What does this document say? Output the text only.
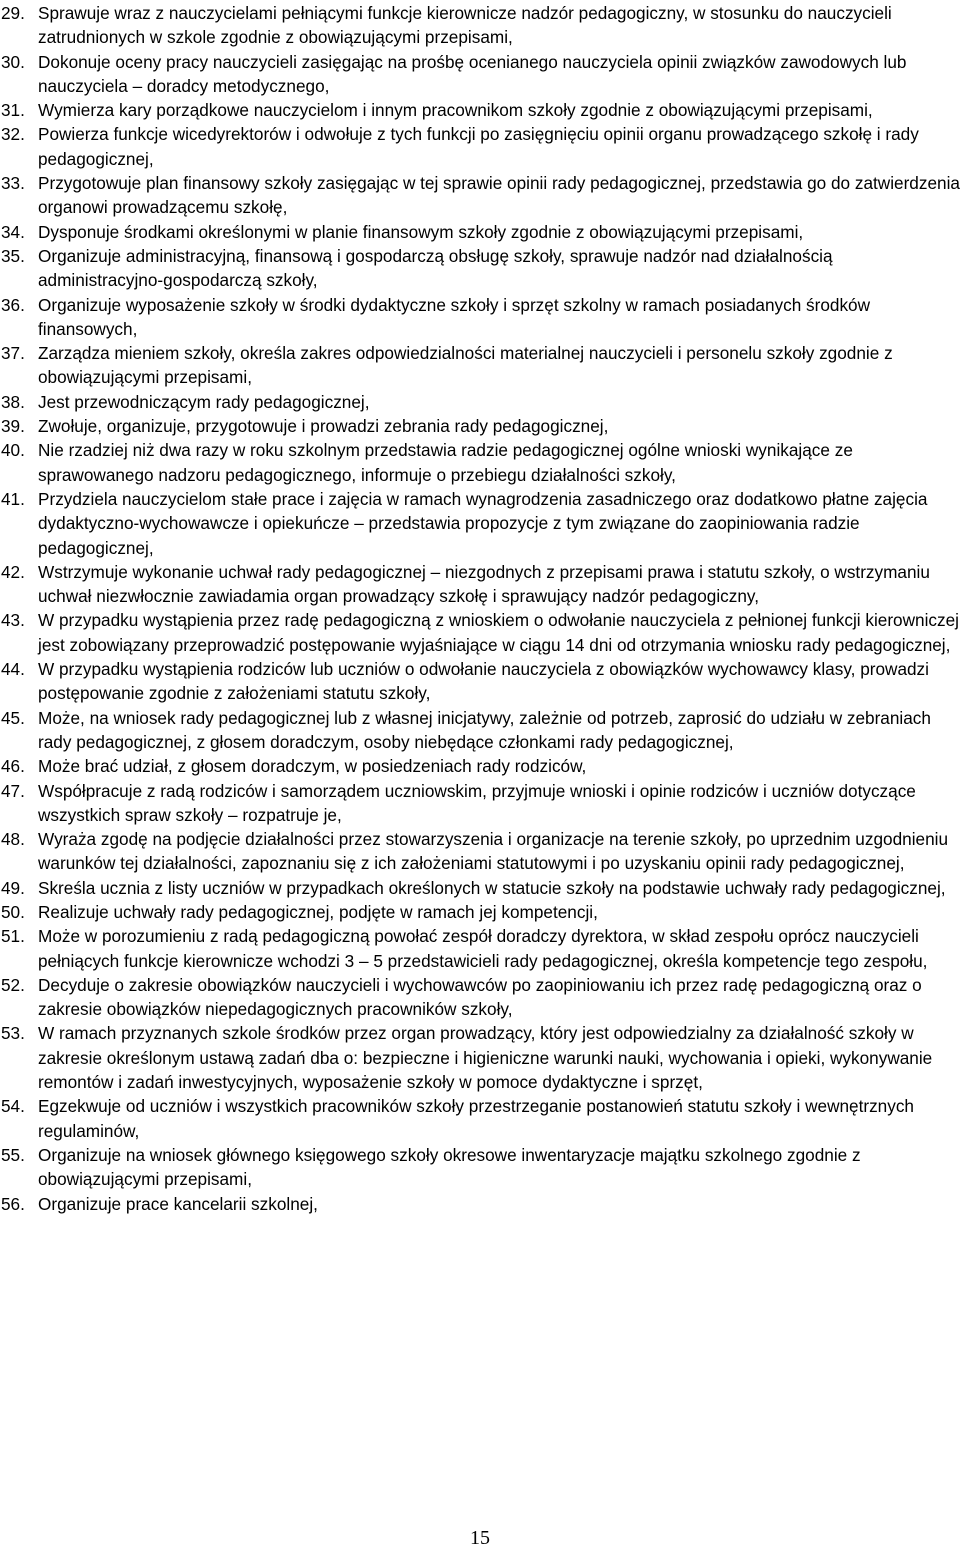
29. Sprawuje wraz z nauczycielami pełniącymi funkcje kierownicze nadzór pedagogiczny, w stosunku do nauczycieli zatrudnionych w szkole zgodnie z obowiązującymi przepisami,
30. Dokonuje oceny pracy nauczycieli zasięgając na prośbę ocenianego nauczyciela opinii związków zawodowych lub nauczyciela – doradcy metodycznego,
31. Wymierza kary porządkowe nauczycielom i innym pracownikom szkoły zgodnie z obowiązującymi przepisami,
32. Powierza funkcje wicedyrektorów i odwołuje z tych funkcji po zasięgnięciu opinii organu prowadzącego szkołę i rady pedagogicznej,
33. Przygotowuje plan finansowy szkoły zasięgając w tej sprawie opinii rady pedagogicznej, przedstawia go do zatwierdzenia organowi prowadzącemu szkołę,
34. Dysponuje środkami określonymi w planie finansowym szkoły zgodnie z obowiązującymi przepisami,
35. Organizuje administracyjną, finansową i gospodarczą obsługę szkoły, sprawuje nadzór nad działalnością administracyjno-gospodarczą szkoły,
36. Organizuje wyposażenie szkoły w środki dydaktyczne szkoły i sprzęt szkolny w ramach posiadanych środków finansowych,
37. Zarządza mieniem szkoły, określa zakres odpowiedzialności materialnej nauczycieli i personelu szkoły zgodnie z obowiązującymi przepisami,
38. Jest przewodniczącym rady pedagogicznej,
39. Zwołuje, organizuje, przygotowuje i prowadzi zebrania rady pedagogicznej,
40. Nie rzadziej niż dwa razy w roku szkolnym przedstawia radzie pedagogicznej ogólne wnioski wynikające ze sprawowanego nadzoru pedagogicznego, informuje o przebiegu działalności szkoły,
41. Przydziela nauczycielom stałe prace i zajęcia w ramach wynagrodzenia zasadniczego oraz dodatkowo płatne zajęcia dydaktyczno-wychowawcze i opiekuńcze – przedstawia propozycje z tym związane do zaopiniowania radzie pedagogicznej,
42. Wstrzymuje wykonanie uchwał rady pedagogicznej – niezgodnych z przepisami prawa i statutu szkoły, o wstrzymaniu uchwał niezwłocznie zawiadamia organ prowadzący szkołę i sprawujący nadzór pedagogiczny,
43. W przypadku wystąpienia przez radę pedagogiczną z wnioskiem o odwołanie nauczyciela z pełnionej funkcji kierowniczej jest zobowiązany przeprowadzić postępowanie wyjaśniające w ciągu 14 dni od otrzymania wniosku rady pedagogicznej,
44. W przypadku wystąpienia rodziców lub uczniów o odwołanie nauczyciela z obowiązków wychowawcy klasy, prowadzi postępowanie zgodnie z założeniami statutu szkoły,
45. Może, na wniosek rady pedagogicznej lub z własnej inicjatywy, zależnie od potrzeb, zaprosić do udziału w zebraniach rady pedagogicznej, z głosem doradczym, osoby niebędące członkami rady pedagogicznej,
46. Może brać udział, z głosem doradczym, w posiedzeniach rady rodziców,
47. Współpracuje z radą rodziców i samorządem uczniowskim, przyjmuje wnioski i opinie rodziców i uczniów dotyczące wszystkich spraw szkoły – rozpatruje je,
48. Wyraża zgodę na podjęcie działalności przez stowarzyszenia i organizacje na terenie szkoły, po uprzednim uzgodnieniu warunków tej działalności, zapoznaniu się z ich założeniami statutowymi i po uzyskaniu opinii rady pedagogicznej,
49. Skreśla ucznia z listy uczniów w przypadkach określonych w statucie szkoły na podstawie uchwały rady pedagogicznej,
50. Realizuje uchwały rady pedagogicznej, podjęte w ramach jej kompetencji,
51. Może w porozumieniu z radą pedagogiczną powołać zespół doradczy dyrektora, w skład zespołu oprócz nauczycieli pełniących funkcje kierownicze wchodzi 3 – 5 przedstawicieli rady pedagogicznej, określa kompetencje tego zespołu,
52. Decyduje o zakresie obowiązków nauczycieli i wychowawców po zaopiniowaniu ich przez radę pedagogiczną oraz o zakresie obowiązków niepedagogicznych pracowników szkoły,
53. W ramach przyznanych szkole środków przez organ prowadzący, który jest odpowiedzialny za działalność szkoły w zakresie określonym ustawą zadań dba o: bezpieczne i higieniczne warunki nauki, wychowania i opieki, wykonywanie remontów i zadań inwestycyjnych, wyposażenie szkoły w pomoce dydaktyczne i sprzęt,
54. Egzekwuje od uczniów i wszystkich pracowników szkoły przestrzeganie postanowień statutu szkoły i wewnętrznych regulaminów,
55. Organizuje na wniosek głównego księgowego szkoły okresowe inwentaryzacje majątku szkolnego zgodnie z obowiązującymi przepisami,
56. Organizuje prace kancelarii szkolnej,
15
